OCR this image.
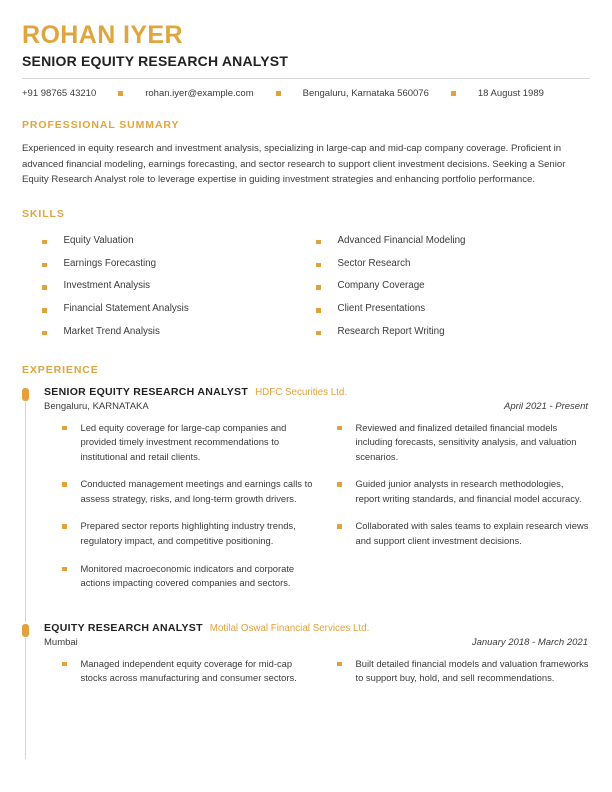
ROHAN IYER
SENIOR EQUITY RESEARCH ANALYST
+91 98765 43210	rohan.iyer@example.com	Bengaluru, Karnataka 560076	18 August 1989
PROFESSIONAL SUMMARY
Experienced in equity research and investment analysis, specializing in large-cap and mid-cap company coverage. Proficient in advanced financial modeling, earnings forecasting, and sector research to support client investment decisions. Seeking a Senior Equity Research Analyst role to leverage expertise in guiding investment strategies and enhancing portfolio performance.
SKILLS
Equity Valuation	Advanced Financial Modeling
Earnings Forecasting	Sector Research
Investment Analysis	Company Coverage
Financial Statement Analysis	Client Presentations
Market Trend Analysis	Research Report Writing
EXPERIENCE
SENIOR EQUITY RESEARCH ANALYST HDFC Securities Ltd.
Bengaluru, KARNATAKA	April 2021 - Present
Led equity coverage for large-cap companies and provided timely investment recommendations to institutional and retail clients.
Conducted management meetings and earnings calls to assess strategy, risks, and long-term growth drivers.
Prepared sector reports highlighting industry trends, regulatory impact, and competitive positioning.
Monitored macroeconomic indicators and corporate actions impacting covered companies and sectors.
Reviewed and finalized detailed financial models including forecasts, sensitivity analysis, and valuation scenarios.
Guided junior analysts in research methodologies, report writing standards, and financial model accuracy.
Collaborated with sales teams to explain research views and support client investment decisions.
EQUITY RESEARCH ANALYST Motilal Oswal Financial Services Ltd.
Mumbai	January 2018 - March 2021
Managed independent equity coverage for mid-cap stocks across manufacturing and consumer sectors.
Built detailed financial models and valuation frameworks to support buy, hold, and sell recommendations.
